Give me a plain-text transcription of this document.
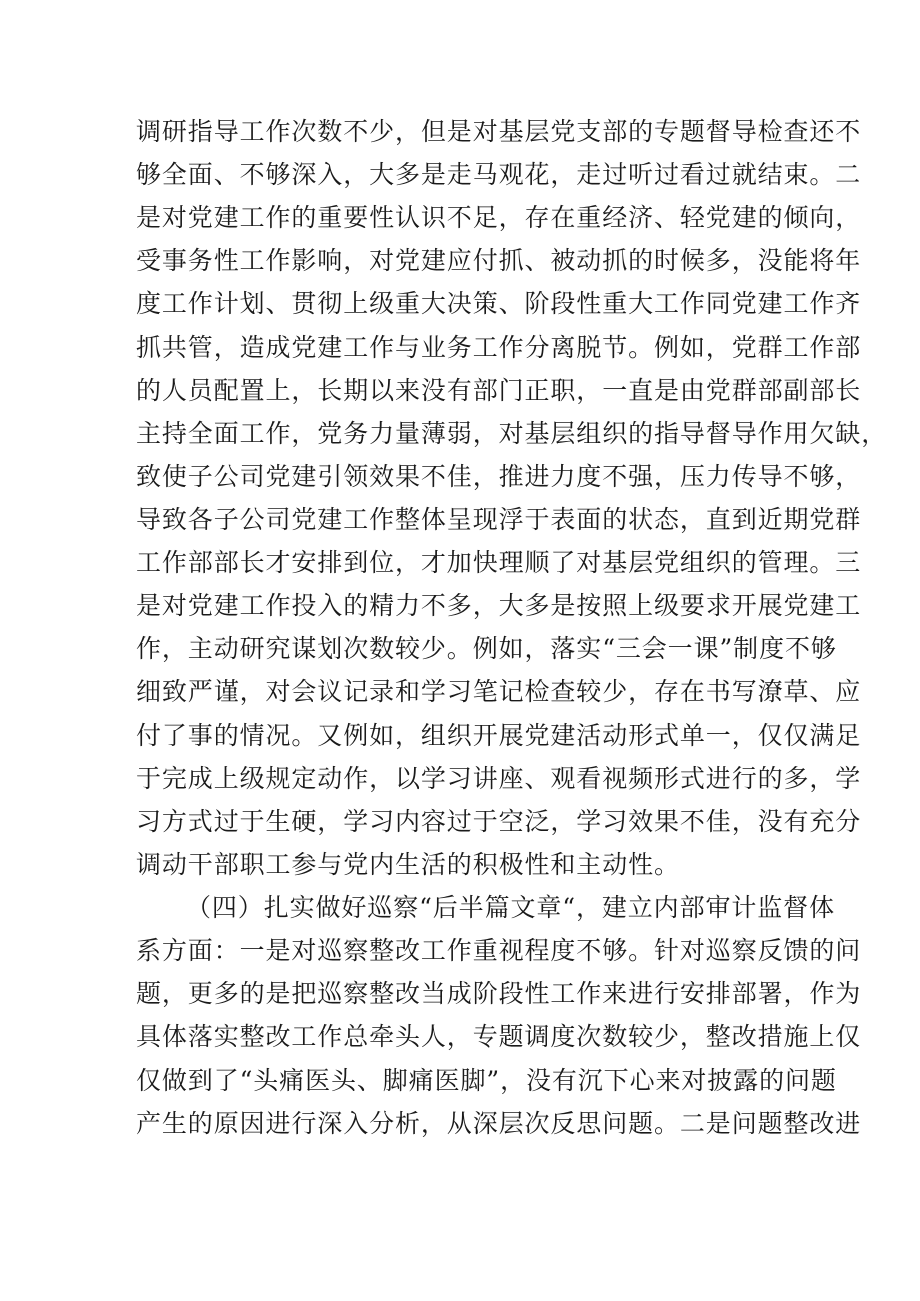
调研指导工作次数不少，但是对基层党支部的专题督导检查还不

够全面、不够深入，大多是走马观花，走过听过看过就结束。二

是对党建工作的重要性认识不足，存在重经济、轻党建的倾向，

受事务性工作影响，对党建应付抓、被动抓的时候多，没能将年

度工作计划、贯彻上级重大决策、阶段性重大工作同党建工作齐

抓共管，造成党建工作与业务工作分离脱节。例如，党群工作部

的人员配置上，长期以来没有部门正职，一直是由党群部副部长

主持全面工作，党务力量薄弱，对基层组织的指导督导作用欠缺，

致使子公司党建引领效果不佳，推进力度不强，压力传导不够，

导致各子公司党建工作整体呈现浮于表面的状态，直到近期党群

工作部部长才安排到位，才加快理顺了对基层党组织的管理。三

是对党建工作投入的精力不多，大多是按照上级要求开展党建工

作，主动研究谋划次数较少。例如，落实“三会一课”制度不够

细致严谨，对会议记录和学习笔记检查较少，存在书写潦草、应

付了事的情况。又例如，组织开展党建活动形式单一，仅仅满足

于完成上级规定动作，以学习讲座、观看视频形式进行的多，学

习方式过于生硬，学习内容过于空泛，学习效果不佳，没有充分

调动干部职工参与党内生活的积极性和主动性。

（四）扎实做好巡察“后半篇文章“，建立内部审计监督体

系方面：一是对巡察整改工作重视程度不够。针对巡察反馈的问

题，更多的是把巡察整改当成阶段性工作来进行安排部署，作为

具体落实整改工作总牵头人，专题调度次数较少，整改措施上仅

仅做到了“头痛医头、脚痛医脚”，没有沉下心来对披露的问题

产生的原因进行深入分析，从深层次反思问题。二是问题整改进
